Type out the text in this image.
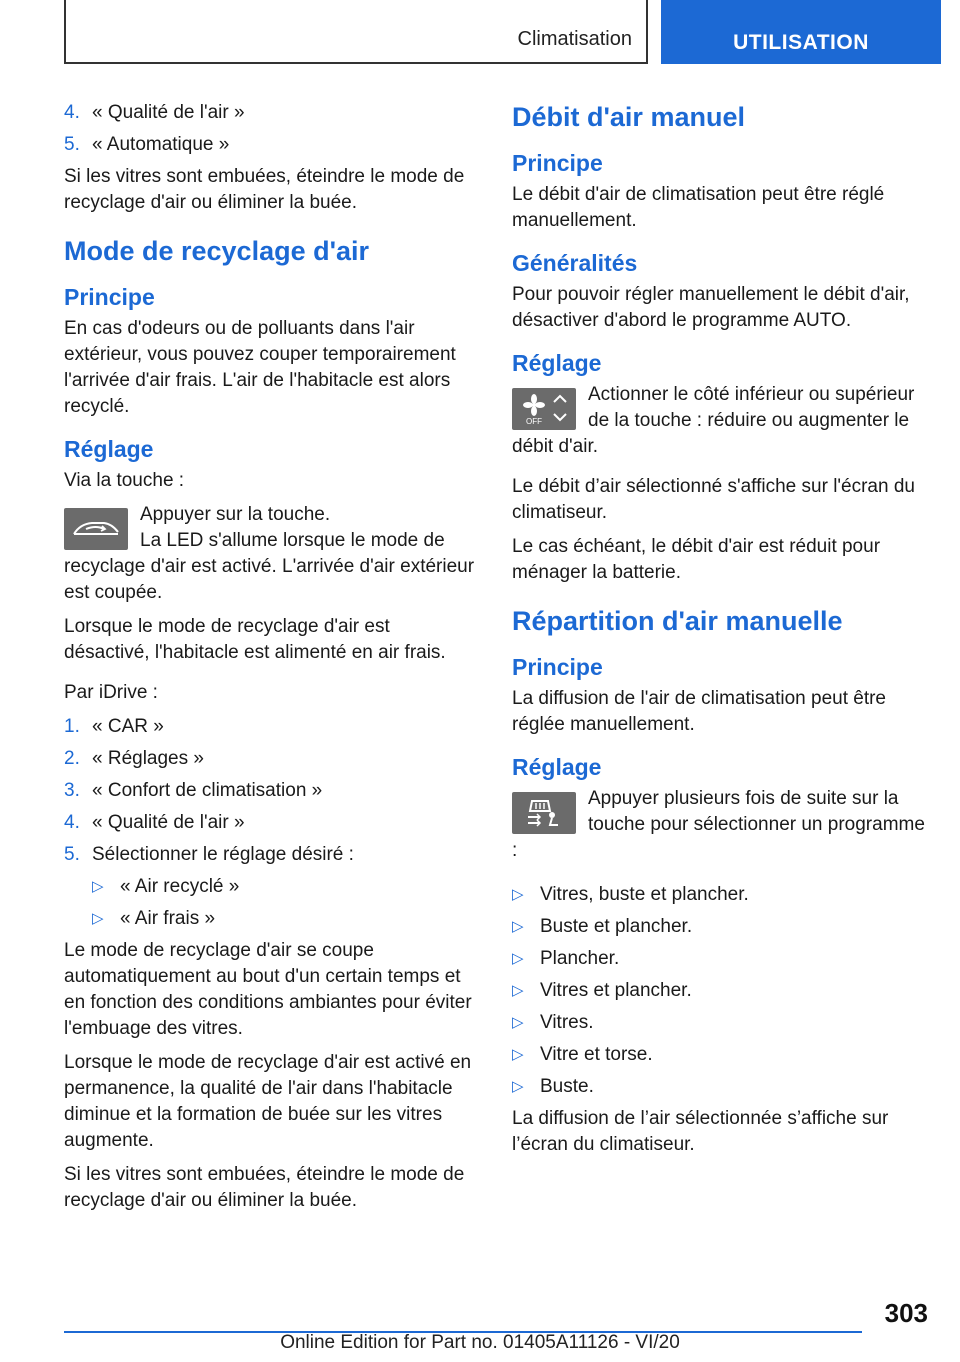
Climatisation	UTILISATION
4. « Qualité de l'air »
5. « Automatique »

Si les vitres sont embuées, éteindre le mode de recyclage d'air ou éliminer la buée.

Mode de recyclage d'air
Principe

En cas d'odeurs ou de polluants dans l'air extérieur, vous pouvez couper temporairement l'arrivée d'air frais. L'air de l'habitacle est alors recyclé.

Réglage

Via la touche :

Appuyer sur la touche.
La LED s'allume lorsque le mode de recyclage d'air est activé. L'arrivée d'air extérieur est coupée.

Lorsque le mode de recyclage d'air est désactivé, l'habitacle est alimenté en air frais.

Par iDrive :

1. « CAR »
2. « Réglages »
3. « Confort de climatisation »
4. « Qualité de l'air »
5. Sélectionner le réglage désiré :
▷ « Air recyclé »
▷ « Air frais »

Le mode de recyclage d'air se coupe automatiquement au bout d'un certain temps et en fonction des conditions ambiantes pour éviter l'embuage des vitres.

Lorsque le mode de recyclage d'air est activé en permanence, la qualité de l'air dans l'habitacle diminue et la formation de buée sur les vitres augmente.

Si les vitres sont embuées, éteindre le mode de recyclage d'air ou éliminer la buée.

Débit d'air manuel
Principe

Le débit d'air de climatisation peut être réglé manuellement.

Généralités

Pour pouvoir régler manuellement le débit d'air, désactiver d'abord le programme AUTO.

Réglage
OFF
Actionner le côté inférieur ou supérieur de la touche : réduire ou augmenter le débit d'air.

Le débit d’air sélectionné s'affiche sur l'écran du climatiseur.

Le cas échéant, le débit d'air est réduit pour ménager la batterie.

Répartition d'air manuelle
Principe

La diffusion de l'air de climatisation peut être réglée manuellement.

Réglage
Appuyer plusieurs fois de suite sur la touche pour sélectionner un programme :
▷ Vitres, buste et plancher.
▷ Buste et plancher.
▷ Plancher.
▷ Vitres et plancher.
▷ Vitres.
▷ Vitre et torse.
▷ Buste.

La diffusion de l’air sélectionnée s’affiche sur l’écran du climatiseur.

303
Online Edition for Part no. 01405A11126 - VI/20
